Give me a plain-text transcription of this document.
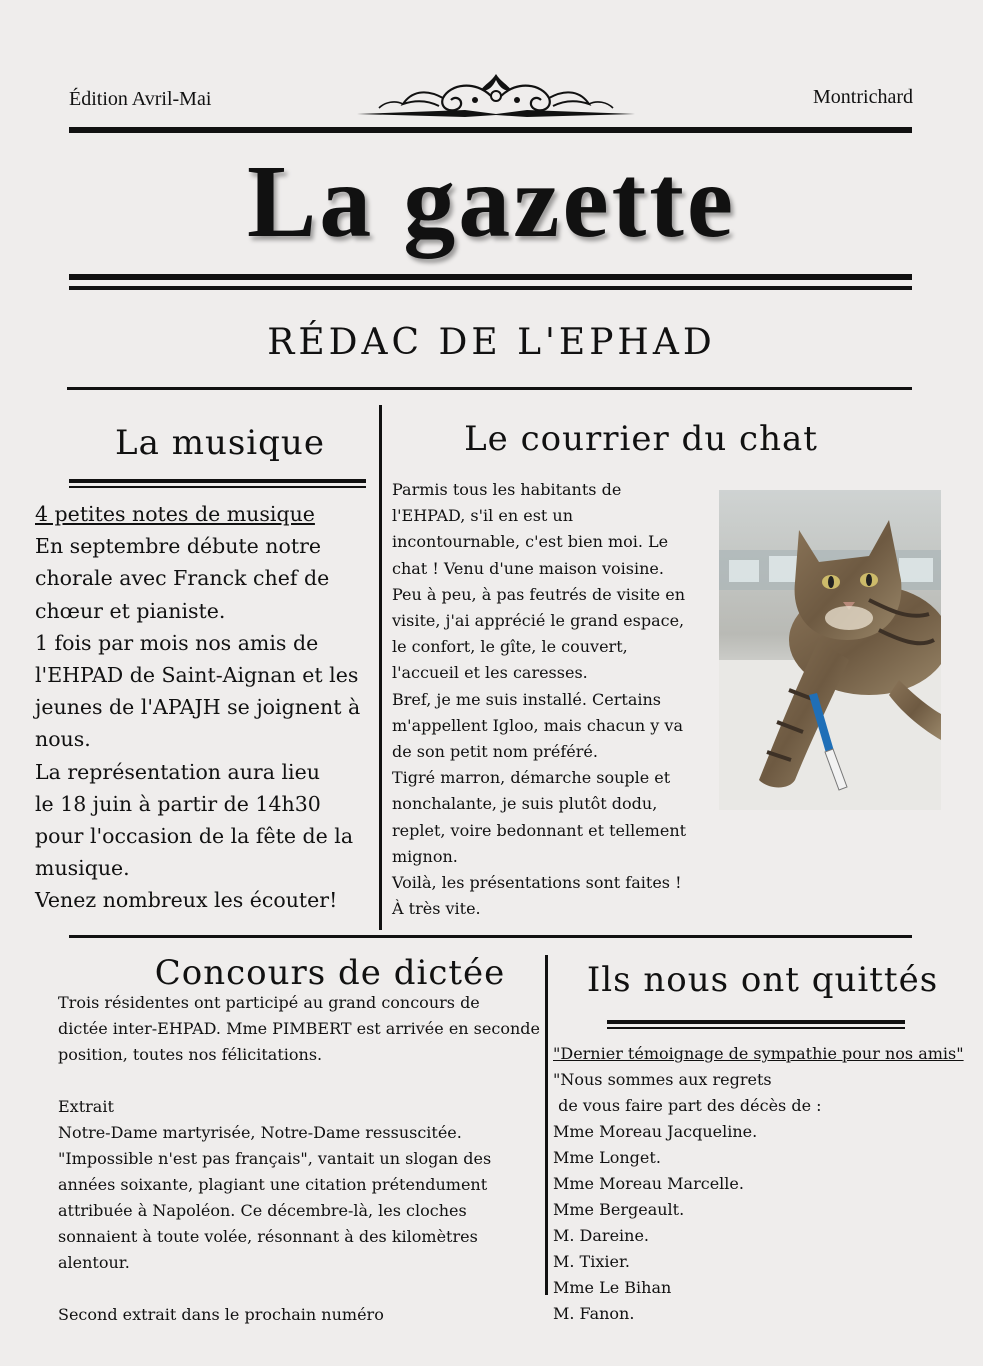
Édition Avril-Mai	Montrichard
La gazette
RÉDAC DE L'EPHAD
La musique
4 petites notes de musique
En septembre débute notre
chorale avec Franck chef de
chœur et pianiste.
1 fois par mois nos amis de
l'EHPAD de Saint-Aignan et les
jeunes de l'APAJH se joignent à
nous.
La représentation aura lieu
le 18 juin à partir de 14h30
pour l'occasion de la fête de la
musique.
Venez nombreux les écouter!
Le courrier du chat
Parmis tous les habitants de
l'EHPAD, s'il en est un
incontournable, c'est bien moi. Le
chat ! Venu d'une maison voisine.
Peu à peu, à pas feutrés de visite en
visite, j'ai apprécié le grand espace,
le confort, le gîte, le couvert,
l'accueil et les caresses.
Bref, je me suis installé. Certains
m'appellent Igloo, mais chacun y va
de son petit nom préféré.
Tigré marron, démarche souple et
nonchalante, je suis plutôt dodu,
replet, voire bedonnant et tellement
mignon.
Voilà, les présentations sont faites !
À très vite.
Concours de dictée
Trois résidentes ont participé au grand concours de
dictée inter-EHPAD. Mme PIMBERT est arrivée en seconde
position, toutes nos félicitations.
Extrait
Notre-Dame martyrisée, Notre-Dame ressuscitée.
"Impossible n'est pas français", vantait un slogan des
années soixante, plagiant une citation prétendument
attribuée à Napoléon. Ce décembre-là, les cloches
sonnaient à toute volée, résonnant à des kilomètres
alentour.
Second extrait dans le prochain numéro
Ils nous ont quittés
"Dernier témoignage de sympathie pour nos amis"
"Nous sommes aux regrets
de vous faire part des décès de :
Mme Moreau Jacqueline.
Mme Longet.
Mme Moreau Marcelle.
Mme Bergeault.
M. Dareine.
M. Tixier.
Mme Le Bihan
M. Fanon.
